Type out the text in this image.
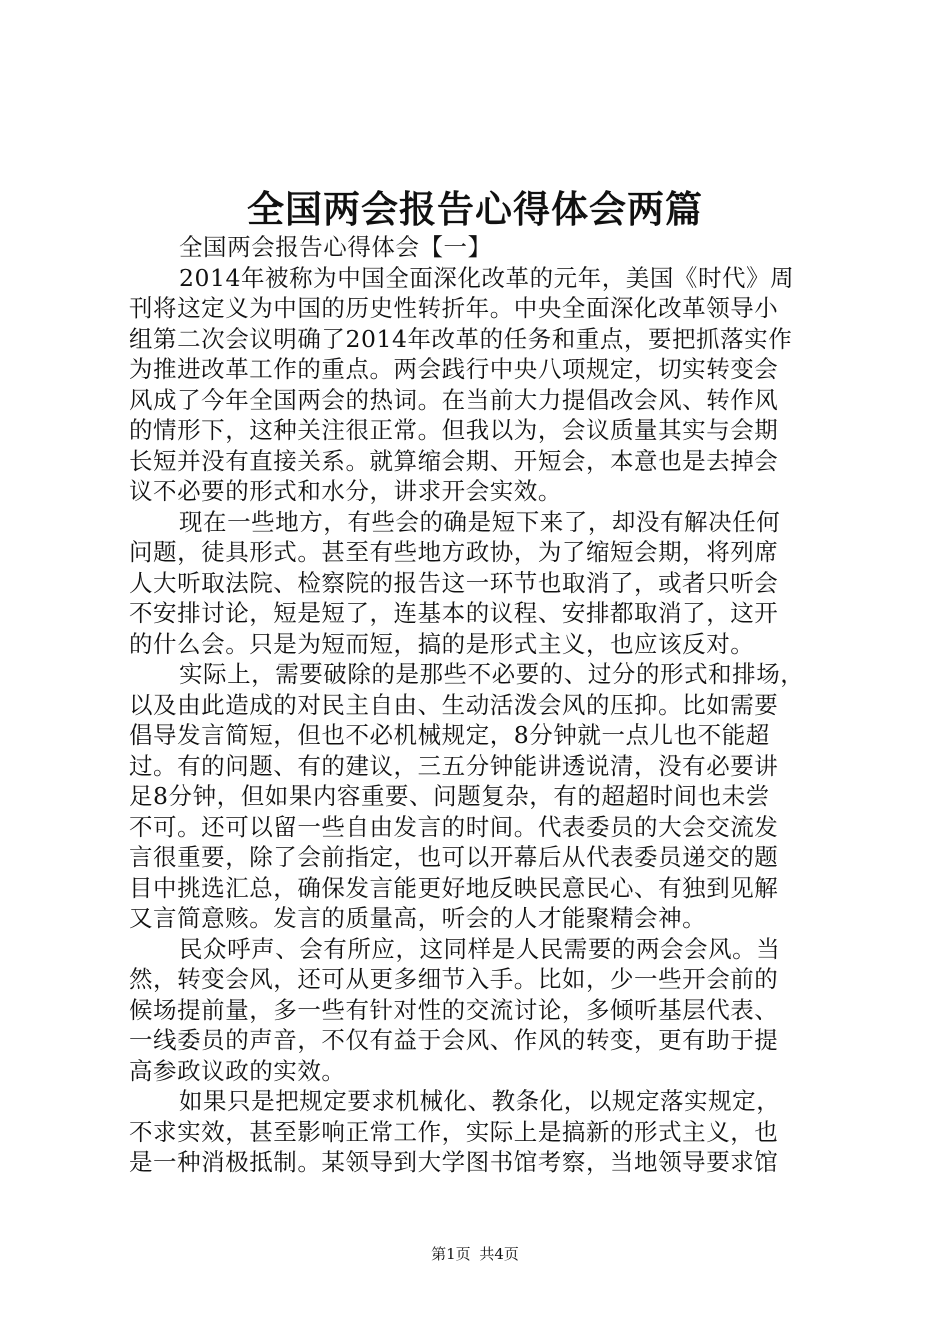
全国两会报告心得体会两篇
全国两会报告心得体会【一】
2014年被称为中国全面深化改革的元年，美国《时代》周
刊将这定义为中国的历史性转折年。中央全面深化改革领导小
组第二次会议明确了2014年改革的任务和重点，要把抓落实作
为推进改革工作的重点。两会践行中央八项规定，切实转变会
风成了今年全国两会的热词。在当前大力提倡改会风、转作风
的情形下，这种关注很正常。但我以为，会议质量其实与会期
长短并没有直接关系。就算缩会期、开短会，本意也是去掉会
议不必要的形式和水分，讲求开会实效。
现在一些地方，有些会的确是短下来了，却没有解决任何
问题，徒具形式。甚至有些地方政协，为了缩短会期，将列席
人大听取法院、检察院的报告这一环节也取消了，或者只听会
不安排讨论，短是短了，连基本的议程、安排都取消了，这开
的什么会。只是为短而短，搞的是形式主义，也应该反对。
实际上，需要破除的是那些不必要的、过分的形式和排场，
以及由此造成的对民主自由、生动活泼会风的压抑。比如需要
倡导发言简短，但也不必机械规定，8分钟就一点儿也不能超
过。有的问题、有的建议，三五分钟能讲透说清，没有必要讲
足8分钟，但如果内容重要、问题复杂，有的超超时间也未尝
不可。还可以留一些自由发言的时间。代表委员的大会交流发
言很重要，除了会前指定，也可以开幕后从代表委员递交的题
目中挑选汇总，确保发言能更好地反映民意民心、有独到见解
又言简意赅。发言的质量高，听会的人才能聚精会神。
民众呼声、会有所应，这同样是人民需要的两会会风。当
然，转变会风，还可从更多细节入手。比如，少一些开会前的
候场提前量，多一些有针对性的交流讨论，多倾听基层代表、
一线委员的声音，不仅有益于会风、作风的转变，更有助于提
高参政议政的实效。
如果只是把规定要求机械化、教条化，以规定落实规定，
不求实效，甚至影响正常工作，实际上是搞新的形式主义，也
是一种消极抵制。某领导到大学图书馆考察，当地领导要求馆
第1页 共4页
